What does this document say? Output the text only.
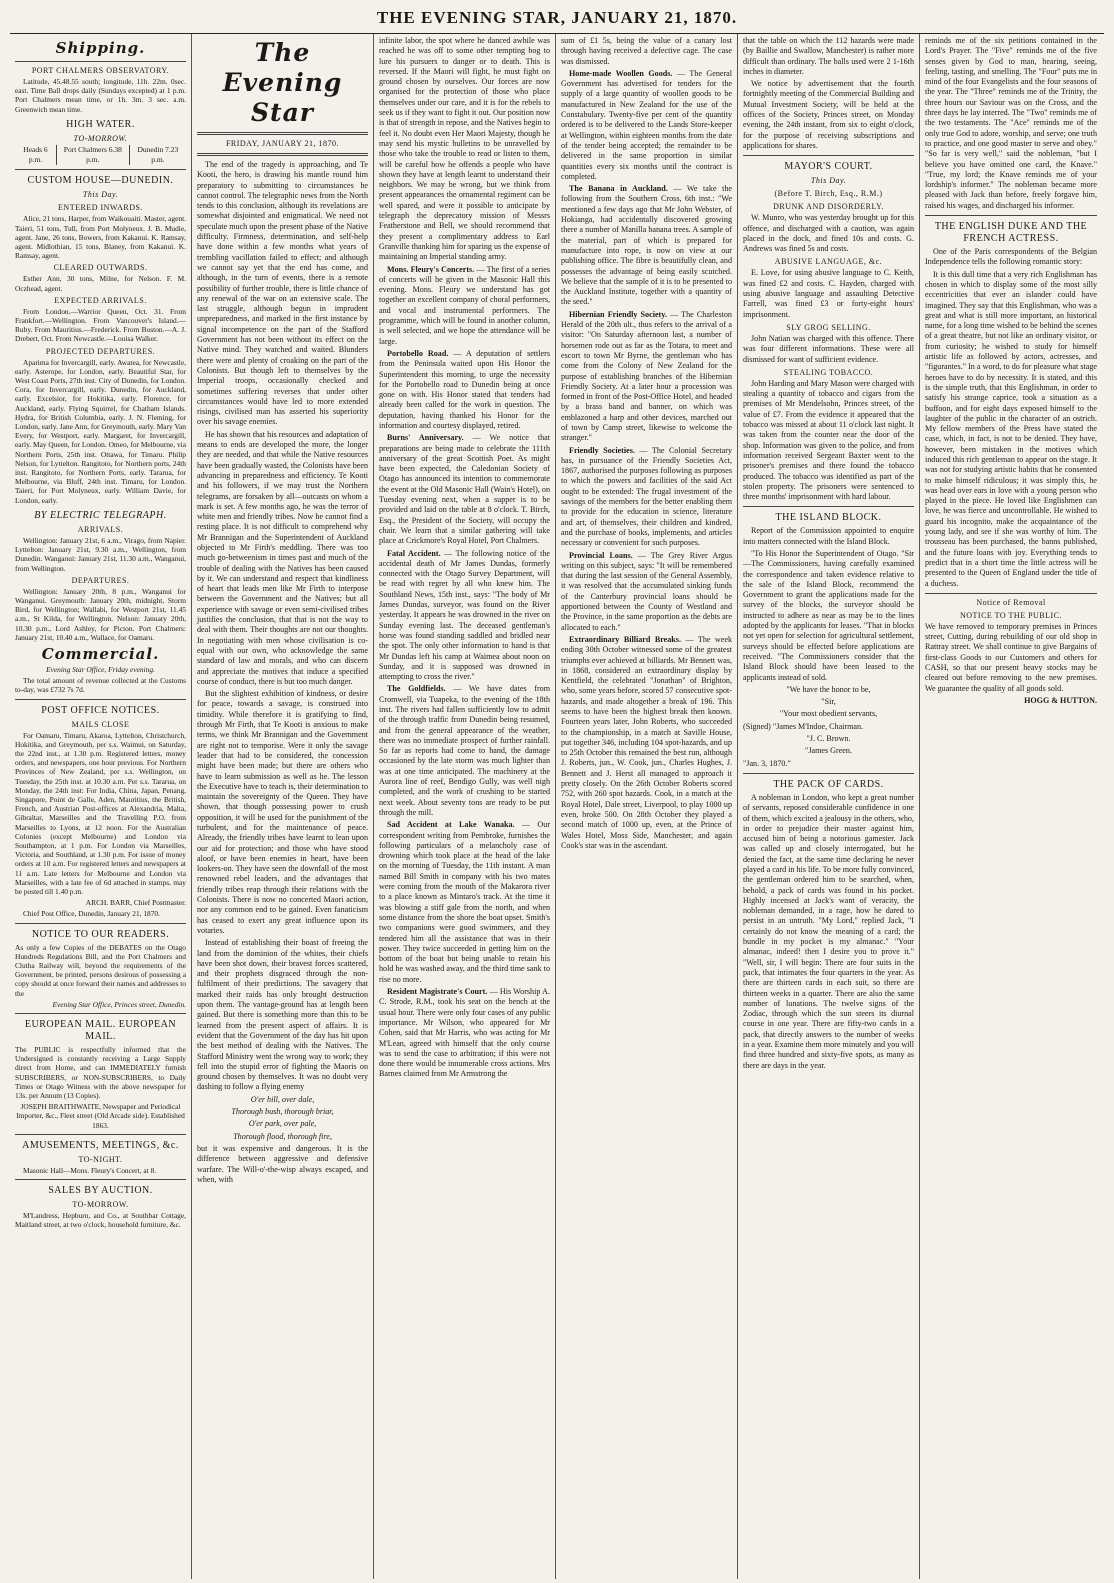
THE EVENING STAR, JANUARY 21, 1870.
Shipping.
PORT CHALMERS OBSERVATORY.

Latitude, 45.48.55 south; longitude, 11h. 22m. 0sec. east. Time Ball drops daily (Sundays excepted) at 1 p.m. Port Chalmers mean time, or 1h. 3m. 3 sec. a.m. Greenwich mean time.

HIGH WATER.
TO-MORROW.
Heads 6 p.m.	Port Chalmers 6.38 p.m.	Dunedin 7.23 p.m.
CUSTOM HOUSE—DUNEDIN.
This Day.
ENTERED INWARDS.

Alice, 21 tons, Harper, from Waikouaiti. Master, agent. Taieri, 51 tons, Tull, from Port Molyneux. J. B. Mudie, agent. Jane, 26 tons, Bowers, from Kakanui. K. Ramsay, agent. Midlothian, 15 tons, Blaney, from Kakanui. K. Ramsay, agent.

CLEARED OUTWARDS.

Esther Ann, 30 tons, Milne, for Nelson. F. M. Oczhead, agent.

EXPECTED ARRIVALS.

From London.—Warrior Queen, Oct. 31. From Frankfort.—Wellington. From Vancouver's Island.—Ruby. From Mauritius.—Frederick. From Boston.—A. J. Drebert, Oct. From Newcastle.—Louisa Walker.

PROJECTED DEPARTURES.

Aparima for Invercargill, early. Awatea, for Newcastle, early. Asterope, for London, early. Beautiful Star, for West Coast Ports, 27th inst. City of Dunedin, for London. Cora, for Invercargill, early. Dunedin, for Auckland, early. Excelsior, for Hokitika, early. Florence, for Auckland, early. Flying Squirrel, for Chatham Islands. Hydra, for British Columbia, early. J. N. Fleming, for London, early. Jane Ann, for Greymouth, early. Mary Van Every, for Westport, early. Margaret, for Invercargill, early. May Queen, for London. Omeo, for Melbourne, via Northern Ports, 25th inst. Ottawa, for Timaru. Philip Nelson, for Lyttelton. Rangitoto, for Northern ports, 24th inst. Rangitoto, for Northern Ports, early. Tararua, for Melbourne, via Bluff, 24th inst. Timaru, for London. Taieri, for Port Molyneux, early. William Davie, for London, early.

BY ELECTRIC TELEGRAPH.
ARRIVALS.

Wellington: January 21st, 6 a.m., Virago, from Napier. Lyttelton: January 21st, 9.30 a.m., Wellington, from Dunedin. Wanganui: January 21st, 11.30 a.m., Wanganui, from Wellington.

DEPARTURES.

Wellington: January 20th, 8 p.m., Wanganui for Wanganui. Greymouth: January 20th, midnight, Storm Bird, for Wellington; Wallabi, for Westport 21st, 11.45 a.m., St Kilda, for Wellington. Nelson: January 20th, 10.30 p.m., Lord Ashley, for Picton. Port Chalmers: January 21st, 10.40 a.m., Wallace, for Oamaru.

Commercial.

Evening Star Office, Friday evening.

The total amount of revenue collected at the Customs to-day, was £732 7s 7d.

POST OFFICE NOTICES.
MAILS CLOSE

For Oamaru, Timaru, Akaroa, Lyttelton, Christchurch, Hokitika, and Greymouth, per s.s. Waimui, on Saturday, the 22nd inst., at 1.30 p.m. Registered letters, money orders, and newspapers, one hour previous. For Northern Provinces of New Zealand, per s.s. Wellington, on Tuesday, the 25th inst. at 10.30 a.m. Per s.s. Tararua, on Monday, the 24th inst: For India, China, Japan, Penang, Singapore, Point de Galle, Aden, Mauritius, the British, French, and Austrian Post-offices at Alexandria, Malta, Gibraltar, Marseilles and the Travelling P.O. from Marseilles to Lyons, at 12 noon. For the Australian Colonies (except Melbourne) and London via Southampton, at 1 p.m. For London via Marseilles, Victoria, and Southland, at 1.30 p.m. For issue of money orders at 10 a.m. For registered letters and newspapers at 11 a.m. Late letters for Melbourne and London via Marseilles, with a late fee of 6d attached in stamps, may be posted till 1.40 p.m.

ARCH. BARR, Chief Postmaster.

Chief Post Office, Dunedin, January 21, 1870.

NOTICE TO OUR READERS.

As only a few Copies of the DEBATES on the Otago Hundreds Regulations Bill, and the Port Chalmers and Clutha Railway will, beyond the requirements of the Government, be printed, persons desirous of possessing a copy should at once forward their names and addresses to the

Evening Star Office, Princes street, Dunedin.

EUROPEAN MAIL. EUROPEAN MAIL.

The PUBLIC is respectfully informed that the Undersigned is constantly receiving a Large Supply direct from Home, and can IMMEDIATELY furnish SUBSCRIBERS, or NON-SUBSCRIBERS, to Daily Times or Otago Witness with the above newspaper for 13s. per Annum (13 Copies).

JOSEPH BRAITHWAITE, Newspaper and Periodical Importer, &c., Fleet street (Old Arcade side). Established 1863.

AMUSEMENTS, MEETINGS, &c.
TO-NIGHT.

Masonic Hall—Mons. Fleury's Concert, at 8.

SALES BY AUCTION.
TO-MORROW.

M'Landress, Hepburn, and Co., at Southbar Cottage, Maitland street, at two o'clock, household furniture, &c.

The Evening Star
FRIDAY, JANUARY 21, 1870.

The end of the tragedy is approaching, and Te Kooti, the hero, is drawing his mantle round him preparatory to submitting to circumstances he cannot control. The telegraphic news from the North tends to this conclusion, although its revelations are somewhat disjointed and enigmatical. We need not speculate much upon the present phase of the Native difficulty. Firmness, determination, and self-help have done within a few months what years of trembling vacillation failed to effect; and although we cannot say yet that the end has come, and although, in the turn of events, there is a remote possibility of further trouble, there is little chance of any renewal of the war on an extensive scale. The last struggle, although begun in imprudent unpreparedness, and marked in the first instance by signal incompetence on the part of the Stafford Government has not been without its effect on the Native mind. They watched and waited. Blunders there were and plenty of croaking on the part of the Colonists. But though left to themselves by the Imperial troops, occasionally checked and sometimes suffering reverses that under other circumstances would have led to more extended risings, civilised man has asserted his superiority over his savage enemies.

He has shown that his resources and adaptation of means to ends are developed the more, the longer they are needed, and that while the Native resources have been gradually wasted, the Colonists have been advancing in preparedness and efficiency. Te Kooti and his followers, if we may trust the Northern telegrams, are forsaken by all—outcasts on whom a mark is set. A few months ago, he was the terror of white men and friendly tribes. Now he cannot find a resting place. It is not difficult to comprehend why Mr Brannigan and the Superintendent of Auckland objected to Mr Firth's meddling. There was too much go-betweenism in times past and much of the trouble of dealing with the Natives has been caused by it. We can understand and respect that kindliness of heart that leads men like Mr Firth to interpose between the Government and the Natives; but all experience with savage or even semi-civilised tribes justifies the conclusion, that that is not the way to deal with them. Their thoughts are not our thoughts. In negotiating with men whose civilisation is co-equal with our own, who acknowledge the same standard of law and morals, and who can discern and appreciate the motives that induce a specified course of conduct, there is but too much danger.

But the slightest exhibition of kindness, or desire for peace, towards a savage, is construed into timidity. While therefore it is gratifying to find, through Mr Firth, that Te Kooti is anxious to make terms, we think Mr Brannigan and the Government are right not to temporise. Were it only the savage leader that had to be considered, the concession might have been made; but there are others who have to learn submission as well as he. The lesson the Executive have to teach is, their determination to maintain the sovereignty of the Queen. They have shown, that though possessing power to crush opposition, it will be used for the punishment of the turbulent, and for the maintenance of peace. Already, the friendly tribes have learnt to lean upon our aid for protection; and those who have stood aloof, or have been enemies in heart, have been lookers-on. They have seen the downfall of the most renowned rebel leaders, and the advantages that friendly tribes reap through their relations with the Colonists. There is now no concerted Maori action, nor any common end to be gained. Even fanaticism has ceased to exert any great influence upon its votaries.

Instead of establishing their boast of freeing the land from the dominion of the whites, their chiefs have been shot down, their bravest forces scattered, and their prophets disgraced through the non-fulfilment of their predictions. The savagery that marked their raids has only brought destruction upon them. The vantage-ground has at length been gained. But there is something more than this to be learned from the present aspect of affairs. It is evident that the Government of the day has hit upon the best method of dealing with the Natives. The Stafford Ministry went the wrong way to work; they fell into the stupid error of fighting the Maoris on ground chosen by themselves. It was no doubt very dashing to follow a flying enemy

O'er hill, over dale,

Thorough bush, thorough briar,

O'er park, over pale,

Thorough flood, thorough fire,

but it was expensive and dangerous. It is the difference between aggressive and defensive warfare. The Will-o'-the-wisp always escaped, and when, with

infinite labor, the spot where he danced awhile was reached he was off to some other tempting bog to lure his pursuers to danger or to death. This is reversed. If the Maori will fight, he must fight on ground chosen by ourselves. Our forces are now organised for the protection of those who place themselves under our care, and it is for the rebels to seek us if they want to fight it out. Our position now is that of strength in repose, and the Natives begin to feel it. No doubt even Her Maori Majesty, though he may send his mystic bulletins to be unravelled by those who take the trouble to read or listen to them, will be careful how he offends a people who have shown they have at length learnt to understand their neighbors. We may be wrong, but we think from present appearances the ornamental regiment can be well spared, and were it possible to anticipate by telegraph the deprecatory mission of Messrs Featherstone and Bell, we should recommend that they present a complimentary address to Earl Granville thanking him for sparing us the expense of maintaining an Imperial standing army.

Mons. Fleury's Concerts. — The first of a series of concerts will be given in the Masonic Hall this evening. Mons. Fleury we understand has got together an excellent company of choral performers, and vocal and instrumental performers. The programme, which will be found in another column, is well selected, and we hope the attendance will be large.

Portobello Road. — A deputation of settlers from the Peninsula waited upon His Honor the Superintendent this morning, to urge the necessity for the Portobello road to Dunedin being at once gone on with. His Honor stated that tenders had already been called for the work in question. The deputation, having thanked his Honor for the information and courtesy displayed, retired.

Burns' Anniversary. — We notice that preparations are being made to celebrate the 111th anniversary of the great Scottish Poet. As might have been expected, the Caledonian Society of Otago has announced its intention to commemorate the event at the Old Masonic Hall (Wain's Hotel), on Tuesday evening next, when a supper is to be provided and laid on the table at 8 o'clock. T. Birch, Esq., the President of the Society, will occupy the chair. We learn that a similar gathering will take place at Crickmore's Royal Hotel, Port Chalmers.

Fatal Accident. — The following notice of the accidental death of Mr James Dundas, formerly connected with the Otago Survey Department, will be read with regret by all who knew him. The Southland News, 15th inst., says: "The body of Mr James Dundas, surveyor, was found on the River yesterday. It appears he was drowned in the river on Sunday evening last. The deceased gentleman's horse was found standing saddled and bridled near the spot. The only other information to hand is that Mr Dundas left his camp at Waimea about noon on Sunday, and it is supposed was drowned in attempting to cross the river."

The Goldfields. — We have dates from Cromwell, via Tuapeka, to the evening of the 18th inst. The rivers had fallen sufficiently low to admit of the through traffic from Dunedin being resumed, and from the general appearance of the weather, there was no immediate prospect of further rainfall. So far as reports had come to hand, the damage occasioned by the late storm was much lighter than was at one time anticipated. The machinery at the Aurora line of reef, Bendigo Gully, was well nigh completed, and the work of crushing to be started next week. About seventy tons are ready to be put through the mill.

Sad Accident at Lake Wanaka. — Our correspondent writing from Pembroke, furnishes the following particulars of a melancholy case of drowning which took place at the head of the lake on the morning of Tuesday, the 11th instant. A man named Bill Smith in company with his two mates were coming from the mouth of the Makarora river to a place known as Mintaro's track. At the time it was blowing a stiff gale from the north, and when some distance from the shore the boat upset. Smith's two companions were good swimmers, and they tendered him all the assistance that was in their power. They twice succeeded in getting him on the bottom of the boat but being unable to retain his hold he was washed away, and the third time sank to rise no more.

Resident Magistrate's Court. — His Worship A. C. Strode, R.M., took his seat on the bench at the usual hour. There were only four cases of any public importance. Mr Wilson, who appeared for Mr Cohen, said that Mr Harris, who was acting for Mr M'Lean, agreed with himself that the only course was to send the case to arbitration; if this were not done there would be innumerable cross actions. Mrs Barnes claimed from Mr Armstrong the

sum of £1 5s, being the value of a canary lost through having received a defective cage. The case was dismissed.

Home-made Woollen Goods. — The General Government has advertised for tenders for the supply of a large quantity of woollen goods to be manufactured in New Zealand for the use of the Constabulary. Twenty-five per cent of the quantity ordered is to be delivered to the Lands Store-keeper at Wellington, within eighteen months from the date of the tender being accepted; the remainder to be delivered in the same proportion in similar quantities every six months until the contract is completed.

The Banana in Auckland. — We take the following from the Southern Cross, 6th inst.: "We mentioned a few days ago that Mr John Webster, of Hokianga, had accidentally discovered growing there a number of Manilla banana trees. A sample of the material, part of which is prepared for manufacture into rope, is now on view at our publishing office. The fibre is beautifully clean, and possesses the advantage of being easily scutched. We believe that the sample of it is to be presented to the Auckland Institute, together with a quantity of the seed."

Hibernian Friendly Society. — The Charleston Herald of the 20th ult., thus refers to the arrival of a visitor: "On Saturday afternoon last, a number of horsemen rode out as far as the Totara, to meet and escort to town Mr Byrne, the gentleman who has come from the Colony of New Zealand for the purpose of establishing branches of the Hibernian Friendly Society. At a later hour a procession was formed in front of the Post-Office Hotel, and headed by a brass band and banner, on which was emblazoned a harp and other devices, marched out of town by Camp street, likewise to welcome the stranger."

Friendly Societies. — The Colonial Secretary has, in pursuance of the Friendly Societies Act, 1867, authorised the purposes following as purposes to which the powers and facilities of the said Act ought to be extended: The frugal investment of the savings of the members for the better enabling them to provide for the education in science, literature and art, of themselves, their children and kindred, and the purchase of books, implements, and articles necessary or convenient for such purposes.

Provincial Loans. — The Grey River Argus writing on this subject, says: "It will be remembered that during the last session of the General Assembly, it was resolved that the accumulated sinking funds of the Canterbury provincial loans should be apportioned between the County of Westland and the Province, in the same proportion as the debts are allocated to each."

Extraordinary Billiard Breaks. — The week ending 30th October witnessed some of the greatest triumphs ever achieved at billiards. Mr Bennett was, in 1868, considered an extraordinary display by Kentfield, the celebrated "Jonathan" of Brighton, who, some years before, scored 57 consecutive spot-hazards, and made altogether a break of 196. This seems to have been the highest break then known. Fourteen years later, John Roberts, who succeeded to the championship, in a match at Saville House, put together 346, including 104 spot-hazards, and up to 25th October this remained the best run, although J. Roberts, jun., W. Cook, jun., Charles Hughes, J. Bennett and J. Herst all managed to approach it pretty closely. On the 26th October Roberts scored 752, with 260 spot hazards. Cook, in a match at the Royal Hotel, Dale street, Liverpool, to play 1000 up even, broke 500. On 28th October they played a second match of 1000 up, even, at the Prince of Wales Hotel, Moss Side, Manchester, and again Cook's star was in the ascendant.

that the table on which the 112 hazards were made (by Baillie and Swallow, Manchester) is rather more difficult than ordinary. The balls used were 2 1-16th inches in diameter.

We notice by advertisement that the fourth fortnightly meeting of the Commercial Building and Mutual Investment Society, will be held at the offices of the Society, Princes street, on Monday evening, the 24th instant, from six to eight o'clock, for the purpose of receiving subscriptions and applications for shares.

MAYOR'S COURT.
This Day.
(Before T. Birch, Esq., R.M.)
DRUNK AND DISORDERLY.

W. Munro, who was yesterday brought up for this offence, and discharged with a caution, was again placed in the dock, and fined 10s and costs. G. Andrews was fined 5s and costs.

ABUSIVE LANGUAGE, &c.

E. Love, for using abusive language to C. Keith, was fined £2 and costs. C. Hayden, charged with using abusive language and assaulting Detective Farrell, was fined £3 or forty-eight hours' imprisonment.

SLY GROG SELLING.

John Natian was charged with this offence. There was four different informations. These were all dismissed for want of sufficient evidence.

STEALING TOBACCO.

John Harding and Mary Mason were charged with stealing a quantity of tobacco and cigars from the premises of Mr Mendelsohn, Princes street, of the value of £7. From the evidence it appeared that the tobacco was missed at about 11 o'clock last night. It was taken from the counter near the door of the shop. Information was given to the police, and from information received Sergeant Baxter went to the prisoner's premises and there found the tobacco produced. The tobacco was identified as part of the stolen property. The prisoners were sentenced to three months' imprisonment with hard labour.

THE ISLAND BLOCK.

Report of the Commission appointed to enquire into matters connected with the Island Block.

"To His Honor the Superintendent of Otago. "Sir—The Commissioners, having carefully examined the correspondence and taken evidence relative to the sale of the Island Block, recommend the Government to grant the applications made for the survey of the blocks, the surveyor should be instructed to adhere as near as may be to the lines adopted by the applicants for leases. "That in blocks not yet open for selection for agricultural settlement, surveys should be effected before applications are received. "The Commissioners consider that the Island Block should have been leased to the applicants instead of sold.

"We have the honor to be,

"Sir,

"Your most obedient servants,

(Signed) "James M'Indoe, Chairman.

"J. C. Brown.

"James Green.

"Jan. 3, 1870."

THE PACK OF CARDS.

A nobleman in London, who kept a great number of servants, reposed considerable confidence in one of them, which excited a jealousy in the others, who, in order to prejudice their master against him, accused him of being a notorious gamester. Jack was called up and closely interrogated, but he denied the fact, at the same time declaring he never played a card in his life. To be more fully convinced, the gentleman ordered him to be searched, when, behold, a pack of cards was found in his pocket. Highly incensed at Jack's want of veracity, the nobleman demanded, in a rage, how he dared to persist in an untruth. "My Lord," replied Jack, "I certainly do not know the meaning of a card; the bundle in my pocket is my almanac." "Your almanac, indeed! then I desire you to prove it." "Well, sir, I will begin: There are four suits in the pack, that intimates the four quarters in the year. As there are thirteen cards in each suit, so there are thirteen weeks in a quarter. There are also the same number of lunations. The twelve signs of the Zodiac, through which the sun steers its diurnal course in one year. There are fifty-two cards in a pack, that directly answers to the number of weeks in a year. Examine them more minutely and you will find three hundred and sixty-five spots, as many as there are days in the year.

reminds me of the six petitions contained in the Lord's Prayer. The "Five" reminds me of the five senses given by God to man, hearing, seeing, feeling, tasting, and smelling. The "Four" puts me in mind of the four Evangelists and the four seasons of the year. The "Three" reminds me of the Trinity, the three hours our Saviour was on the Cross, and the three days he lay interred. The "Two" reminds me of the two testaments. The "Ace" reminds me of the only true God to adore, worship, and serve; one truth to practice, and one good master to serve and obey." "So far is very well," said the nobleman, "but I believe you have omitted one card, the Knave." "True, my lord; the Knave reminds me of your lordship's informer." The nobleman became more pleased with Jack than before, freely forgave him, raised his wages, and discharged his informer.

THE ENGLISH DUKE AND THE FRENCH ACTRESS.

One of the Paris correspondents of the Belgian Independence tells the following romantic story:

It is this dull time that a very rich Englishman has chosen in which to display some of the most silly eccentricities that ever an islander could have imagined. They say that this Englishman, who was a great and what is still more important, an historical name, for a long time wished to be behind the scenes of a great theatre, but not like an ordinary visitor, or from curiosity; he wished to study for himself artistic life as followed by actors, actresses, and "figurantes." In a word, to do for pleasure what stage heroes have to do by necessity. It is stated, and this is the simple truth, that this Englishman, in order to satisfy his strange caprice, took a situation as a buffoon, and for eight days exposed himself to the laughter of the public in the character of an ostrich. My fellow members of the Press have stated the case, which, in fact, is not to be denied. They have, however, been mistaken in the motives which induced this rich gentleman to appear on the stage. It was not for studying artistic habits that he consented to make himself ridiculous; it was simply this, he was head over ears in love with a young person who played in the piece. He loved like Englishmen can love, he was fierce and uncontrollable. He wished to guard his incognito, make the acquaintance of the young lady, and see if she was worthy of him. The trousseau has been purchased, the banns published, and the future loans with joy. Everything tends to predict that in a short time the little actress will be presented to the Queen of England under the title of a duchess.

Notice of Removal
NOTICE TO THE PUBLIC.

We have removed to temporary premises in Princes street, Cutting, during rebuilding of our old shop in Rattray street. We shall continue to give Bargains of first-class Goods to our Customers and others for CASH, so that our present heavy stocks may be cleared out before removing to the new premises. We guarantee the quality of all goods sold.

HOGG & HUTTON.
